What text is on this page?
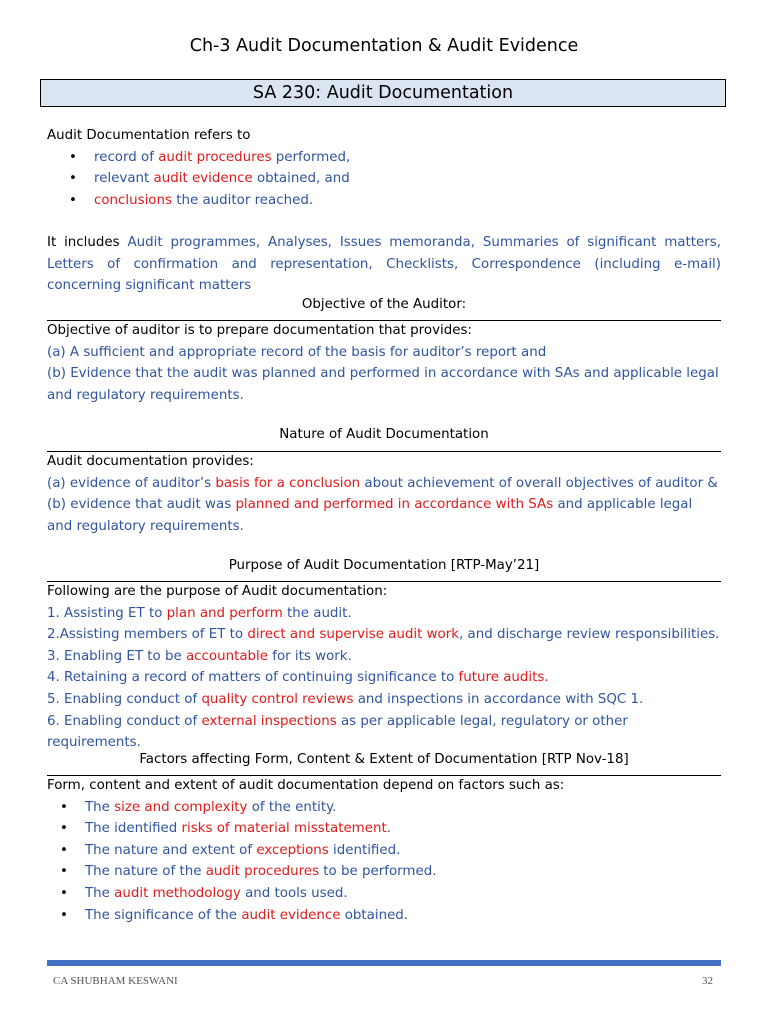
Ch-3 Audit Documentation & Audit Evidence
SA 230: Audit Documentation
Audit Documentation refers to
• record of audit procedures performed,
• relevant audit evidence obtained, and
• conclusions the auditor reached.
It includes Audit programmes, Analyses, Issues memoranda, Summaries of significant matters, Letters of confirmation and representation, Checklists, Correspondence (including e-mail) concerning significant matters
Objective of the Auditor:
Objective of auditor is to prepare documentation that provides:
(a) A sufficient and appropriate record of the basis for auditor’s report and
(b) Evidence that the audit was planned and performed in accordance with SAs and applicable legal and regulatory requirements.
Nature of Audit Documentation
Audit documentation provides:
(a) evidence of auditor’s basis for a conclusion about achievement of overall objectives of auditor &
(b) evidence that audit was planned and performed in accordance with SAs and applicable legal and regulatory requirements.
Purpose of Audit Documentation [RTP-May’21]
Following are the purpose of Audit documentation:
1. Assisting ET to plan and perform the audit.
2.Assisting members of ET to direct and supervise audit work, and discharge review responsibilities.
3. Enabling ET to be accountable for its work.
4. Retaining a record of matters of continuing significance to future audits.
5. Enabling conduct of quality control reviews and inspections in accordance with SQC 1.
6. Enabling conduct of external inspections as per applicable legal, regulatory or other requirements.
Factors affecting Form, Content & Extent of Documentation [RTP Nov-18]
Form, content and extent of audit documentation depend on factors such as:
• The size and complexity of the entity.
• The identified risks of material misstatement.
• The nature and extent of exceptions identified.
• The nature of the audit procedures to be performed.
• The audit methodology and tools used.
• The significance of the audit evidence obtained.
CA SHUBHAM KESWANI	32
